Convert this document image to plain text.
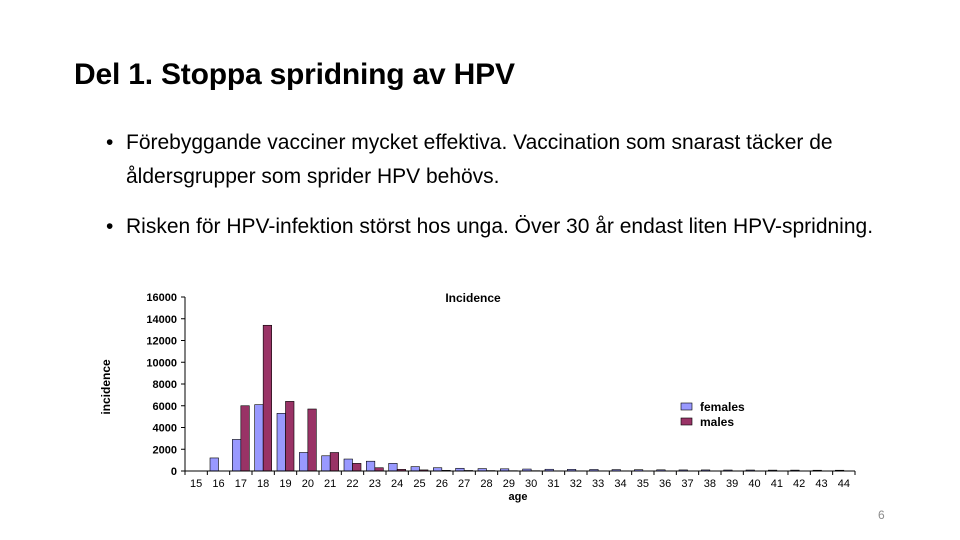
Del 1. Stoppa spridning av HPV
• Förebyggande vacciner mycket effektiva. Vaccination som snarast täcker de åldersgrupper som sprider HPV behövs.
• Risken för HPV-infektion störst hos unga. Över 30 år endast liten HPV-spridning.
0
2000
4000
6000
8000
10000
12000
14000
16000
15 16 17 18 19 20 21 22 23 24 25 26 27 28 29 30 31 32 33 34 35 36 37 38 39 40 41 42 43 44
Incidence
age
incidence	females
males
6
